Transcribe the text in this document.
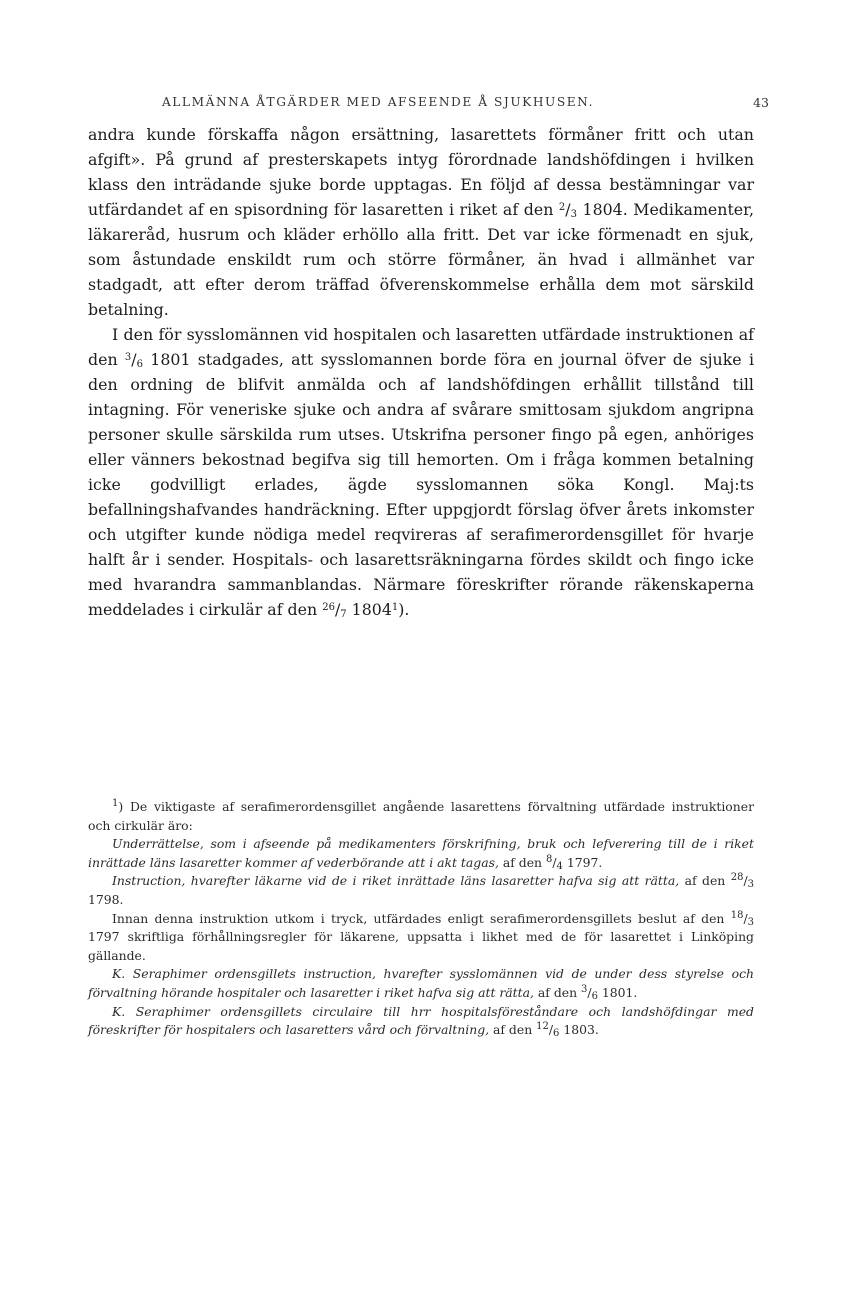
ALLMÄNNA ÅTGÄRDER MED AFSEENDE Å SJUKHUSEN.	43

andra kunde förskaffa någon ersättning, lasarettets förmåner fritt och utan afgift». På grund af presterskapets intyg förordnade landshöfdingen i hvilken klass den inträdande sjuke borde upptagas. En följd af dessa bestämningar var utfärdandet af en spisordning för lasaretten i riket af den $^2/_3$ 1804. Medikamenter, läkareråd, husrum och kläder erhöllo alla fritt. Det var icke förmenadt en sjuk, som åstundade enskildt rum och större förmåner, än hvad i allmänhet var stadgadt, att efter derom träffad öfverenskommelse erhålla dem mot särskild betalning.

I den för sysslomännen vid hospitalen och lasaretten utfärdade instruktionen af den $^3/_6$ 1801 stadgades, att sysslomannen borde föra en journal öfver de sjuke i den ordning de blifvit anmälda och af landshöfdingen erhållit tillstånd till intagning. För veneriske sjuke och andra af svårare smittosam sjukdom angripna personer skulle särskilda rum utses. Utskrifna personer fingo på egen, anhöriges eller vänners bekostnad begifva sig till hemorten. Om i fråga kommen betalning icke godvilligt erlades, ägde sysslomannen söka Kongl. Maj:ts befallningshafvandes handräckning. Efter uppgjordt förslag öfver årets inkomster och utgifter kunde nödiga medel reqvireras af serafimerordensgillet för hvarje halft år i sender. Hospitals- och lasarettsräkningarna fördes skildt och fingo icke med hvarandra sammanblandas. Närmare föreskrifter rörande räkenskaperna meddelades i cirkulär af den $^{26}/_7$ 1804$^1$).

$^1$) De viktigaste af serafimerordensgillet angående lasarettens förvaltning utfärdade instruktioner och cirkulär äro:

Underrättelse, som i afseende på medikamenters förskrifning, bruk och lefverering till de i riket inrättade läns lasaretter kommer af vederbörande att i akt tagas, af den $^8/_4$ 1797.

Instruction, hvarefter läkarne vid de i riket inrättade läns lasaretter hafva sig att rätta, af den $^{28}/_3$ 1798.

Innan denna instruktion utkom i tryck, utfärdades enligt serafimerordensgillets beslut af den $^{18}/_3$ 1797 skriftliga förhållningsregler för läkarene, uppsatta i likhet med de för lasarettet i Linköping gällande.

K. Seraphimer ordensgillets instruction, hvarefter sysslomännen vid de under dess styrelse och förvaltning hörande hospitaler och lasaretter i riket hafva sig att rätta, af den $^3/_6$ 1801.

K. Seraphimer ordensgillets circulaire till hrr hospitalsföreståndare och landshöfdingar med föreskrifter för hospitalers och lasaretters vård och förvaltning, af den $^{12}/_6$ 1803.
